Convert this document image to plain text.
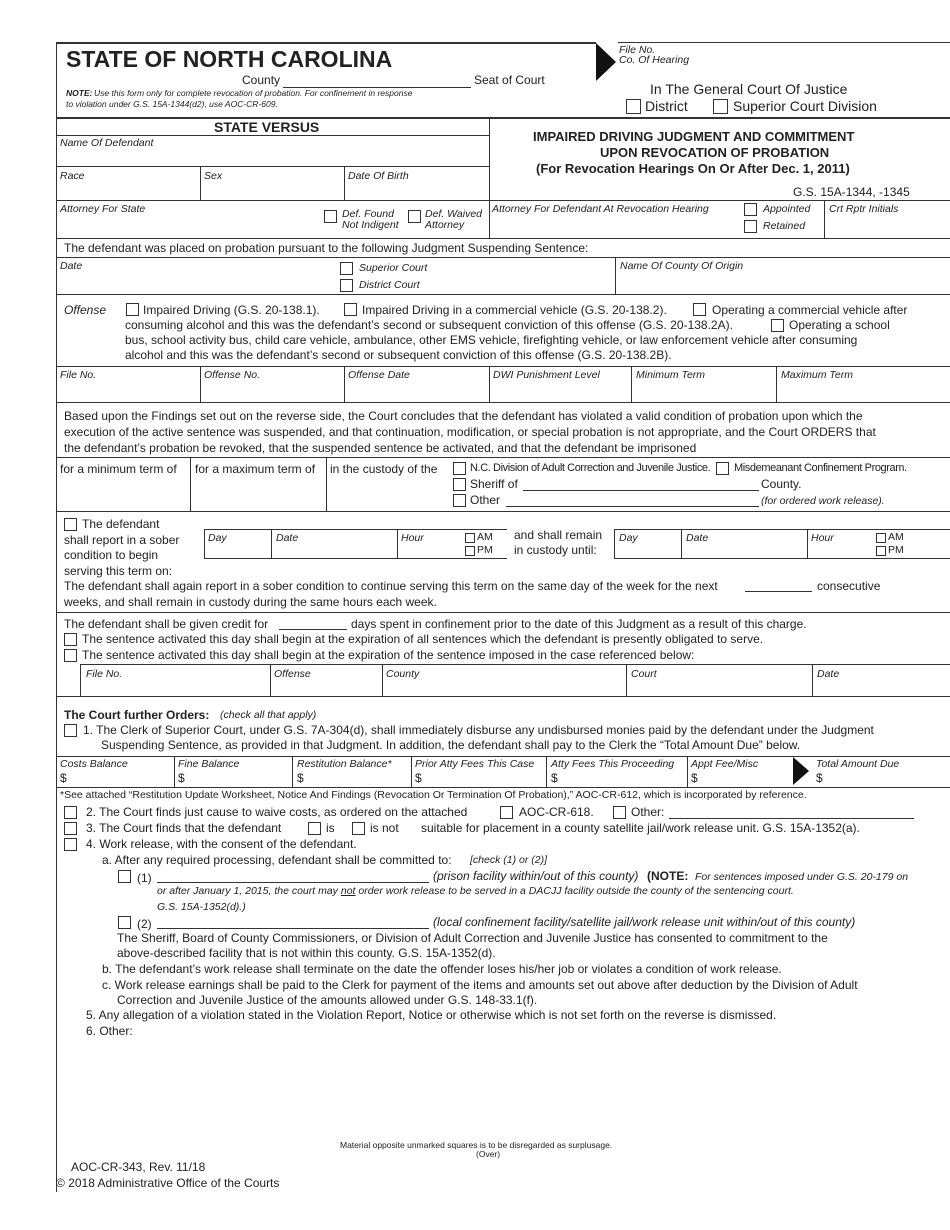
STATE OF NORTH CAROLINA
County	Seat of Court
NOTE: Use this form only for complete revocation of probation. For confinement in response
to violation under G.S. 15A-1344(d2), use AOC-CR-609.
File No.
Co. Of Hearing
In The General Court Of Justice
District	Superior Court Division
STATE VERSUS
Name Of Defendant
Race	Sex	Date Of Birth
IMPAIRED DRIVING JUDGMENT AND COMMITMENT
UPON REVOCATION OF PROBATION
(For Revocation Hearings On Or After Dec. 1, 2011)
G.S. 15A-1344, -1345
Attorney For State	Def. Found
Not Indigent
Def. Waived
Attorney
Attorney For Defendant At Revocation Hearing	Appointed
Retained
Crt Rptr Initials
The defendant was placed on probation pursuant to the following Judgment Suspending Sentence:
Date	Superior Court
District Court
Name Of County Of Origin
Offense	Impaired Driving (G.S. 20-138.1).	Impaired Driving in a commercial vehicle (G.S. 20-138.2).	Operating a commercial vehicle after
consuming alcohol and this was the defendant’s second or subsequent conviction of this offense (G.S. 20-138.2A).	Operating a school
bus, school activity bus, child care vehicle, ambulance, other EMS vehicle, firefighting vehicle, or law enforcement vehicle after consuming
alcohol and this was the defendant’s second or subsequent conviction of this offense (G.S. 20-138.2B).
File No.	Offense No.	Offense Date	DWI Punishment Level	Minimum Term	Maximum Term
Based upon the Findings set out on the reverse side, the Court concludes that the defendant has violated a valid condition of probation upon which the
execution of the active sentence was suspended, and that continuation, modification, or special probation is not appropriate, and the Court ORDERS that
the defendant’s probation be revoked, that the suspended sentence be activated, and that the defendant be imprisoned
for a minimum term of for a maximum term of in the custody of the	N.C. Division of Adult Correction and Juvenile Justice. Misdemeanant Confinement Program.
Sheriff of	County.
Other	(for ordered work release).
The defendant
shall report in a sober
condition to begin
serving this term on:
Day	Date	Hour	AM
PM
and shall remain
in custody until:
Day	Date	Hour	AM
PM
The defendant shall again report in a sober condition to continue serving this term on the same day of the week for the next	consecutive
weeks, and shall remain in custody during the same hours each week.
The defendant shall be given credit for	days spent in confinement prior to the date of this Judgment as a result of this charge.
The sentence activated this day shall begin at the expiration of all sentences which the defendant is presently obligated to serve.
The sentence activated this day shall begin at the expiration of the sentence imposed in the case referenced below:
File No.	Offense	County	Court	Date
The Court further Orders: (check all that apply)
1. The Clerk of Superior Court, under G.S. 7A-304(d), shall immediately disburse any undisbursed monies paid by the defendant under the Judgment
Suspending Sentence, as provided in that Judgment. In addition, the defendant shall pay to the Clerk the “Total Amount Due” below.
Costs Balance
$
Fine Balance
$
Restitution Balance*
$
Prior Atty Fees This Case
$
Atty Fees This Proceeding
$
Appt Fee/Misc
$
Total Amount Due
$
*See attached “Restitution Update Worksheet, Notice And Findings (Revocation Or Termination Of Probation),” AOC-CR-612, which is incorporated by reference.
2. The Court finds just cause to waive costs, as ordered on the attached	AOC-CR-618.	Other:
3. The Court finds that the defendant	is	is not suitable for placement in a county satellite jail/work release unit. G.S. 15A-1352(a).
4. Work release, with the consent of the defendant.
a. After any required processing, defendant shall be committed to: [check (1) or (2)]
(1)	(prison facility within/out of this county) (NOTE: For sentences imposed under G.S. 20-179 on
or after January 1, 2015, the court may not order work release to be served in a DACJJ facility outside the county of the sentencing court.
G.S. 15A-1352(d).)
(2)	(local confinement facility/satellite jail/work release unit within/out of this county)
The Sheriff, Board of County Commissioners, or Division of Adult Correction and Juvenile Justice has consented to commitment to the
above-described facility that is not within this county. G.S. 15A-1352(d).
b. The defendant’s work release shall terminate on the date the offender loses his/her job or violates a condition of work release.
c. Work release earnings shall be paid to the Clerk for payment of the items and amounts set out above after deduction by the Division of Adult
Correction and Juvenile Justice of the amounts allowed under G.S. 148-33.1(f).
5. Any allegation of a violation stated in the Violation Report, Notice or otherwise which is not set forth on the reverse is dismissed.
6. Other:
Material opposite unmarked squares is to be disregarded as surplusage.
(Over)
AOC-CR-343, Rev. 11/18
© 2018 Administrative Office of the Courts
